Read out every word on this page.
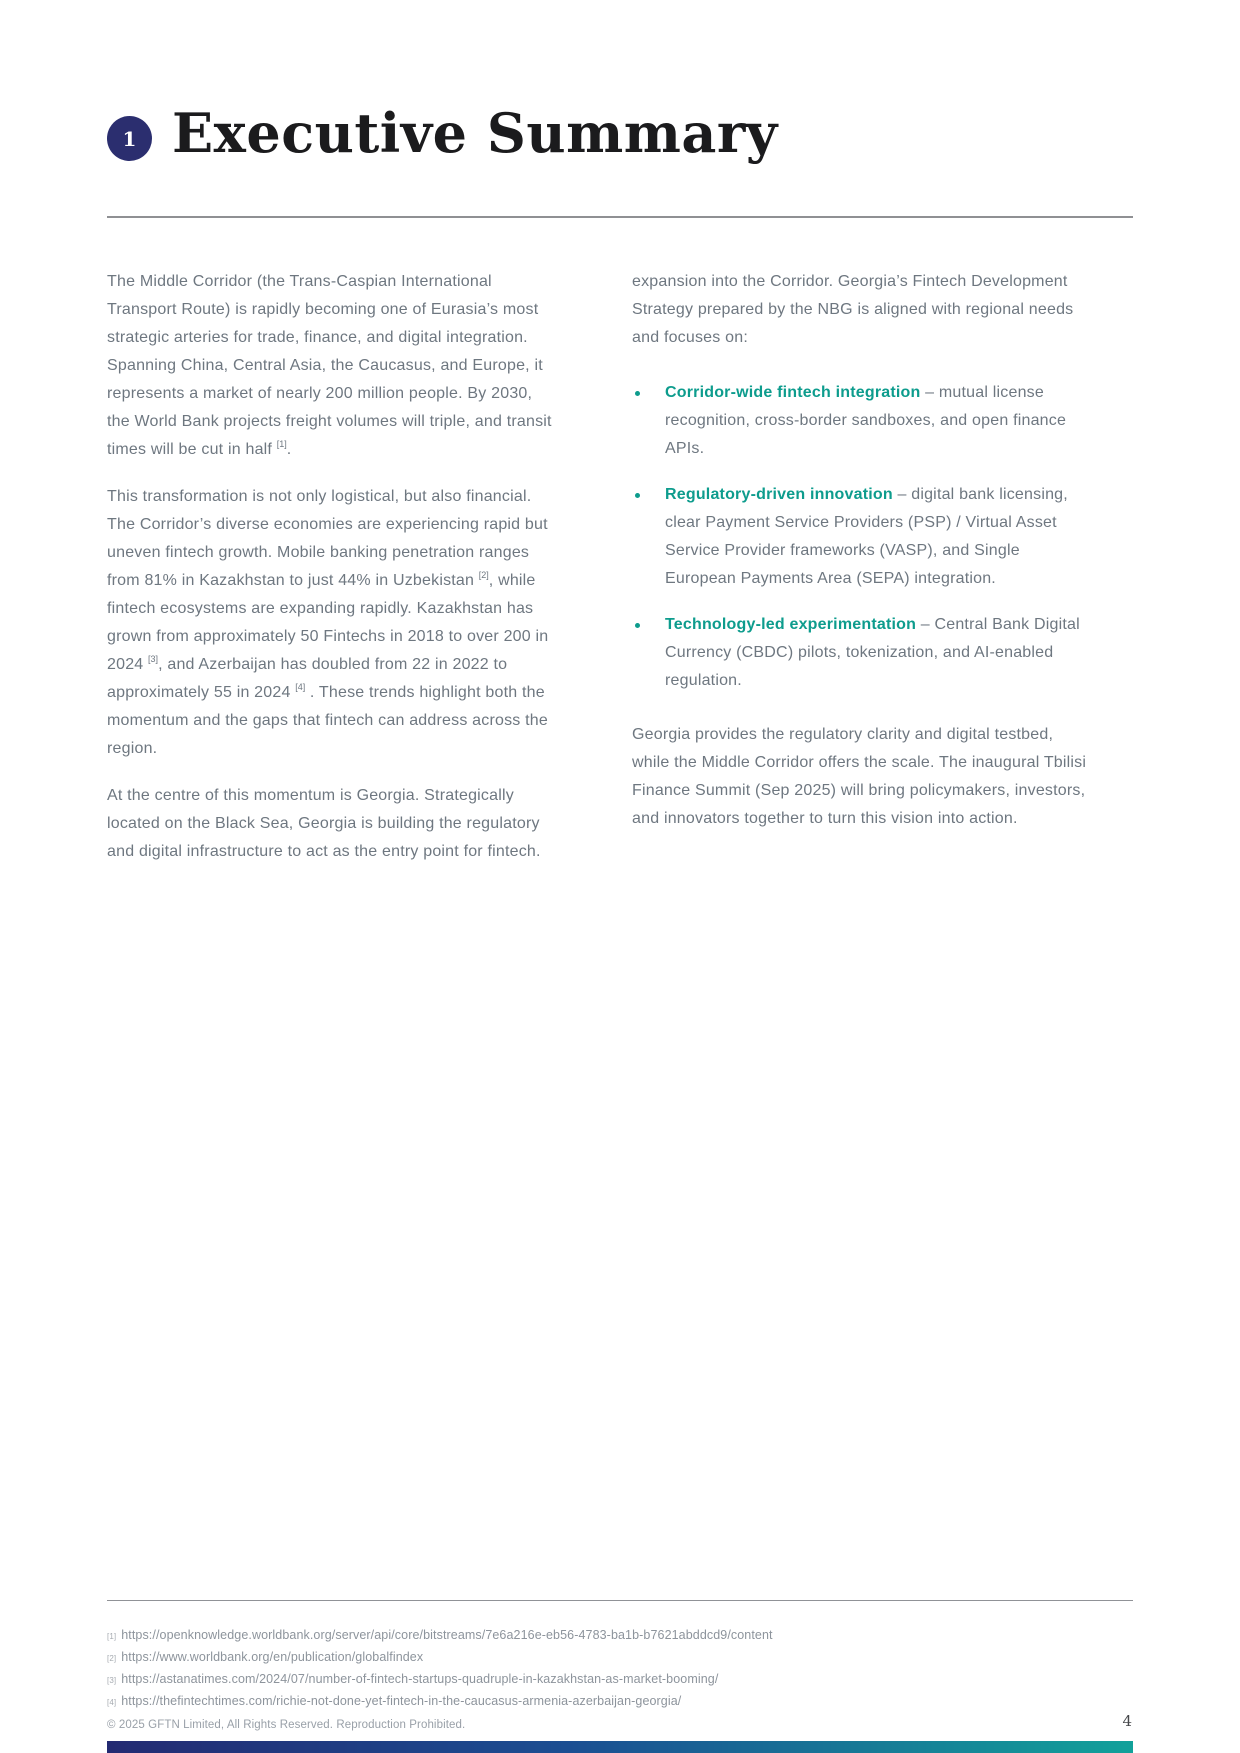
1 Executive Summary

The Middle Corridor (the Trans-Caspian International Transport Route) is rapidly becoming one of Eurasia’s most strategic arteries for trade, finance, and digital integration. Spanning China, Central Asia, the Caucasus, and Europe, it represents a market of nearly 200 million people. By 2030, the World Bank projects freight volumes will triple, and transit times will be cut in half [1].

This transformation is not only logistical, but also financial. The Corridor’s diverse economies are experiencing rapid but uneven fintech growth. Mobile banking penetration ranges from 81% in Kazakhstan to just 44% in Uzbekistan [2], while fintech ecosystems are expanding rapidly. Kazakhstan has grown from approximately 50 Fintechs in 2018 to over 200 in 2024 [3], and Azerbaijan has doubled from 22 in 2022 to approximately 55 in 2024 [4] . These trends highlight both the momentum and the gaps that fintech can address across the region.

At the centre of this momentum is Georgia. Strategically located on the Black Sea, Georgia is building the regulatory and digital infrastructure to act as the entry point for fintech.

expansion into the Corridor. Georgia’s Fintech Development Strategy prepared by the NBG is aligned with regional needs and focuses on:

Corridor-wide fintech integration – mutual license recognition, cross-border sandboxes, and open finance APIs.
Regulatory-driven innovation – digital bank licensing, clear Payment Service Providers (PSP) / Virtual Asset Service Provider frameworks (VASP), and Single European Payments Area (SEPA) integration.
Technology-led experimentation – Central Bank Digital Currency (CBDC) pilots, tokenization, and AI-enabled regulation.

Georgia provides the regulatory clarity and digital testbed, while the Middle Corridor offers the scale. The inaugural Tbilisi Finance Summit (Sep 2025) will bring policymakers, investors, and innovators together to turn this vision into action.

[1] https://openknowledge.worldbank.org/server/api/core/bitstreams/7e6a216e-eb56-4783-ba1b-b7621abddcd9/content
[2] https://www.worldbank.org/en/publication/globalfindex
[3] https://astanatimes.com/2024/07/number-of-fintech-startups-quadruple-in-kazakhstan-as-market-booming/
[4] https://thefintechtimes.com/richie-not-done-yet-fintech-in-the-caucasus-armenia-azerbaijan-georgia/
© 2025 GFTN Limited, All Rights Reserved. Reproduction Prohibited.	4
